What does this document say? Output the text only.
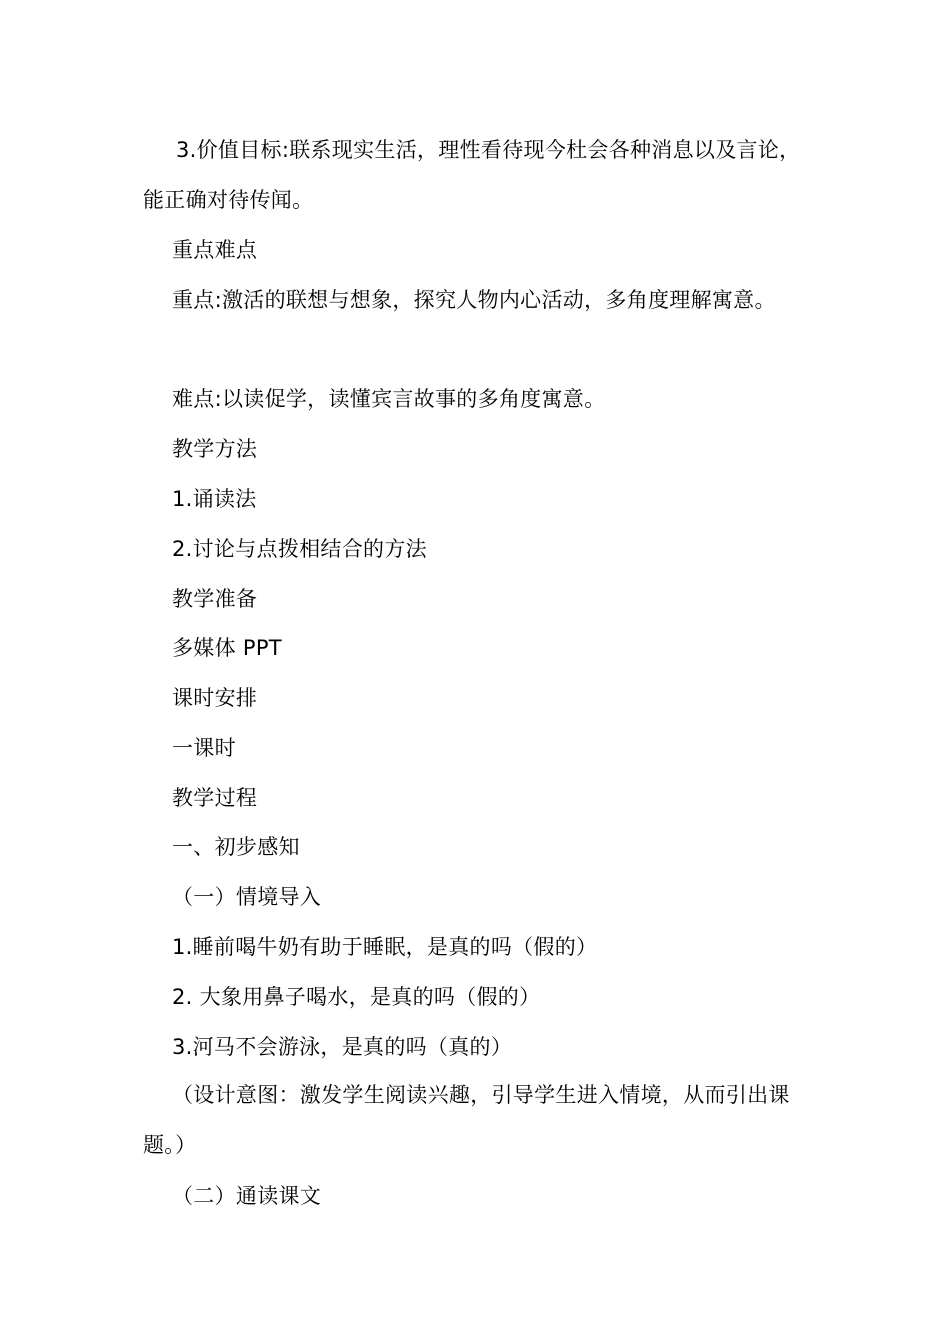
3.价值目标:联系现实生活，理性看待现今杜会各种消息以及言论，能正确对待传闻。
重点难点
重点:激活的联想与想象，探究人物内心活动，多角度理解寓意。
难点:以读促学，读懂宾言故事的多角度寓意。
教学方法
1.诵读法
2.讨论与点拨相结合的方法
教学准备
多媒体 PPT
课时安排
一课时
教学过程
一、初步感知
（一）情境导入
1.睡前喝牛奶有助于睡眠，是真的吗（假的）
2. 大象用鼻子喝水，是真的吗（假的）
3.河马不会游泳，是真的吗（真的）
（设计意图：激发学生阅读兴趣，引导学生进入情境，从而引出课题。）
（二）通读课文
